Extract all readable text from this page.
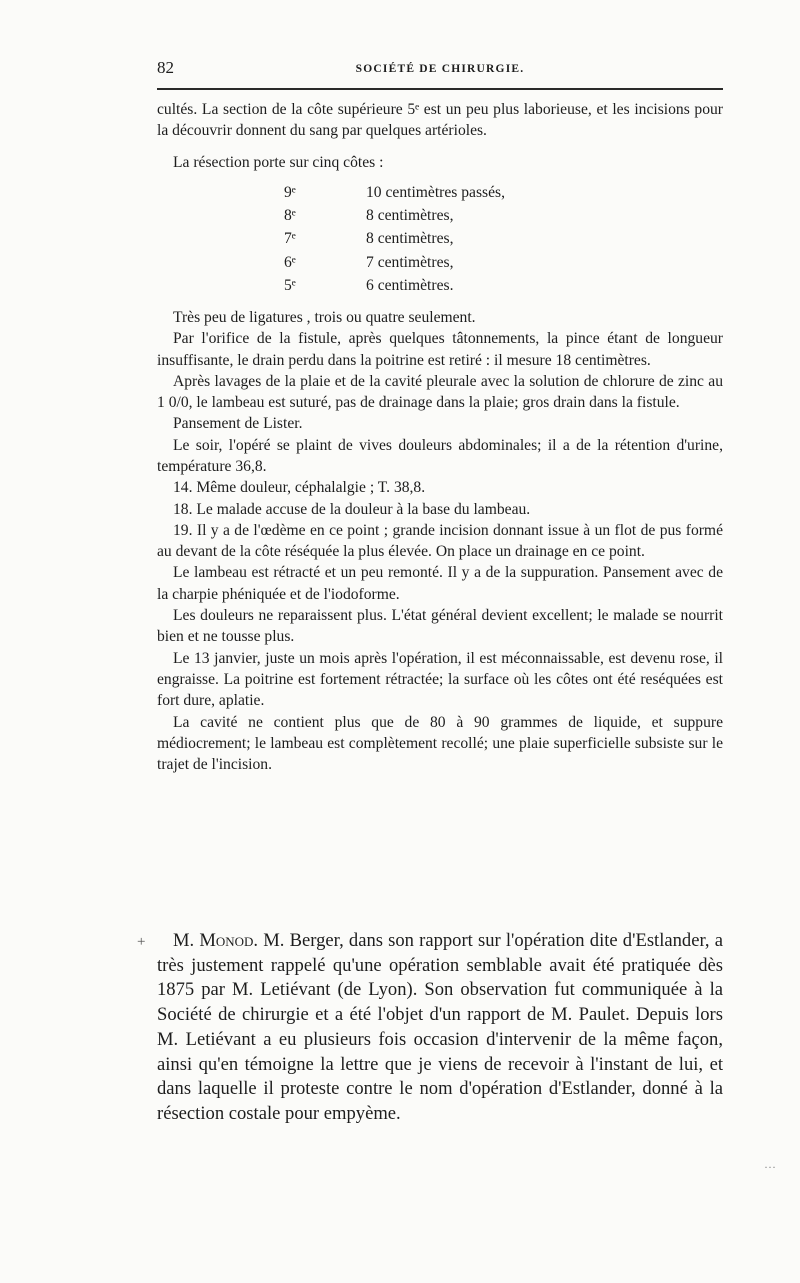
82	SOCIÉTÉ DE CHIRURGIE.

cultés. La section de la côte supérieure 5ᵉ est un peu plus laborieuse, et les incisions pour la découvrir donnent du sang par quelques artérioles.

La résection porte sur cinq côtes :

9ᵉ	10 centimètres passés,
8ᵉ	8 centimètres,
7ᵉ	8 centimètres,
6ᵉ	7 centimètres,
5ᵉ	6 centimètres.

Très peu de ligatures , trois ou quatre seulement.

Par l'orifice de la fistule, après quelques tâtonnements, la pince étant de longueur insuffisante, le drain perdu dans la poitrine est retiré : il mesure 18 centimètres.

Après lavages de la plaie et de la cavité pleurale avec la solution de chlorure de zinc au 1 0/0, le lambeau est suturé, pas de drainage dans la plaie; gros drain dans la fistule.

Pansement de Lister.

Le soir, l'opéré se plaint de vives douleurs abdominales; il a de la rétention d'urine, température 36,8.

14. Même douleur, céphalalgie ; T. 38,8.

18. Le malade accuse de la douleur à la base du lambeau.

19. Il y a de l'œdème en ce point ; grande incision donnant issue à un flot de pus formé au devant de la côte réséquée la plus élevée. On place un drainage en ce point.

Le lambeau est rétracté et un peu remonté. Il y a de la suppuration. Pansement avec de la charpie phéniquée et de l'iodoforme.

Les douleurs ne reparaissent plus. L'état général devient excellent; le malade se nourrit bien et ne tousse plus.

Le 13 janvier, juste un mois après l'opération, il est méconnaissable, est devenu rose, il engraisse. La poitrine est fortement rétractée; la surface où les côtes ont été reséquées est fort dure, aplatie.

La cavité ne contient plus que de 80 à 90 grammes de liquide, et suppure médiocrement; le lambeau est complètement recollé; une plaie superficielle subsiste sur le trajet de l'incision.

+	M. Monod. M. Berger, dans son rapport sur l'opération dite d'Estlander, a très justement rappelé qu'une opération semblable avait été pratiquée dès 1875 par M. Letiévant (de Lyon). Son observation fut communiquée à la Société de chirurgie et a été l'objet d'un rapport de M. Paulet. Depuis lors M. Letiévant a eu plusieurs fois occasion d'intervenir de la même façon, ainsi qu'en témoigne la lettre que je viens de recevoir à l'instant de lui, et dans laquelle il proteste contre le nom d'opération d'Estlander, donné à la résection costale pour empyème.

···
